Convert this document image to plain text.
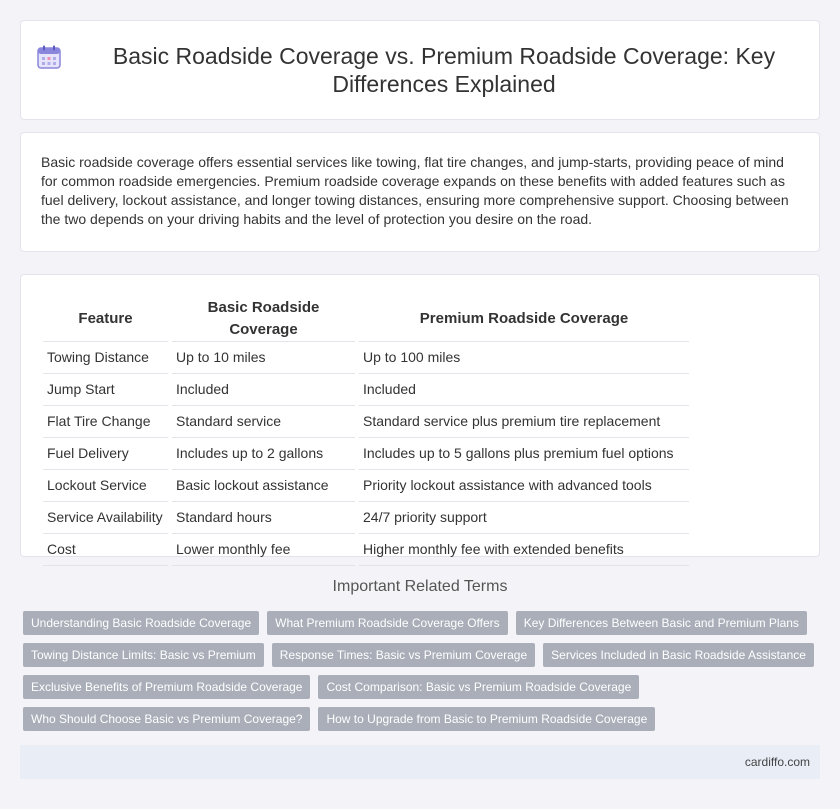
Basic Roadside Coverage vs. Premium Roadside Coverage: Key Differences Explained

Basic roadside coverage offers essential services like towing, flat tire changes, and jump-starts, providing peace of mind for common roadside emergencies. Premium roadside coverage expands on these benefits with added features such as fuel delivery, lockout assistance, and longer towing distances, ensuring more comprehensive support. Choosing between the two depends on your driving habits and the level of protection you desire on the road.

Feature	Basic Roadside Coverage	Premium Roadside Coverage
Towing Distance	Up to 10 miles	Up to 100 miles
Jump Start	Included	Included
Flat Tire Change	Standard service	Standard service plus premium tire replacement
Fuel Delivery	Includes up to 2 gallons	Includes up to 5 gallons plus premium fuel options
Lockout Service	Basic lockout assistance	Priority lockout assistance with advanced tools
Service Availability	Standard hours	24/7 priority support
Cost	Lower monthly fee	Higher monthly fee with extended benefits
Important Related Terms
Understanding Basic Roadside Coverage	What Premium Roadside Coverage Offers	Key Differences Between Basic and Premium Plans
Towing Distance Limits: Basic vs Premium	Response Times: Basic vs Premium Coverage	Services Included in Basic Roadside Assistance
Exclusive Benefits of Premium Roadside Coverage	Cost Comparison: Basic vs Premium Roadside Coverage
Who Should Choose Basic vs Premium Coverage?	How to Upgrade from Basic to Premium Roadside Coverage
cardiffo.com
